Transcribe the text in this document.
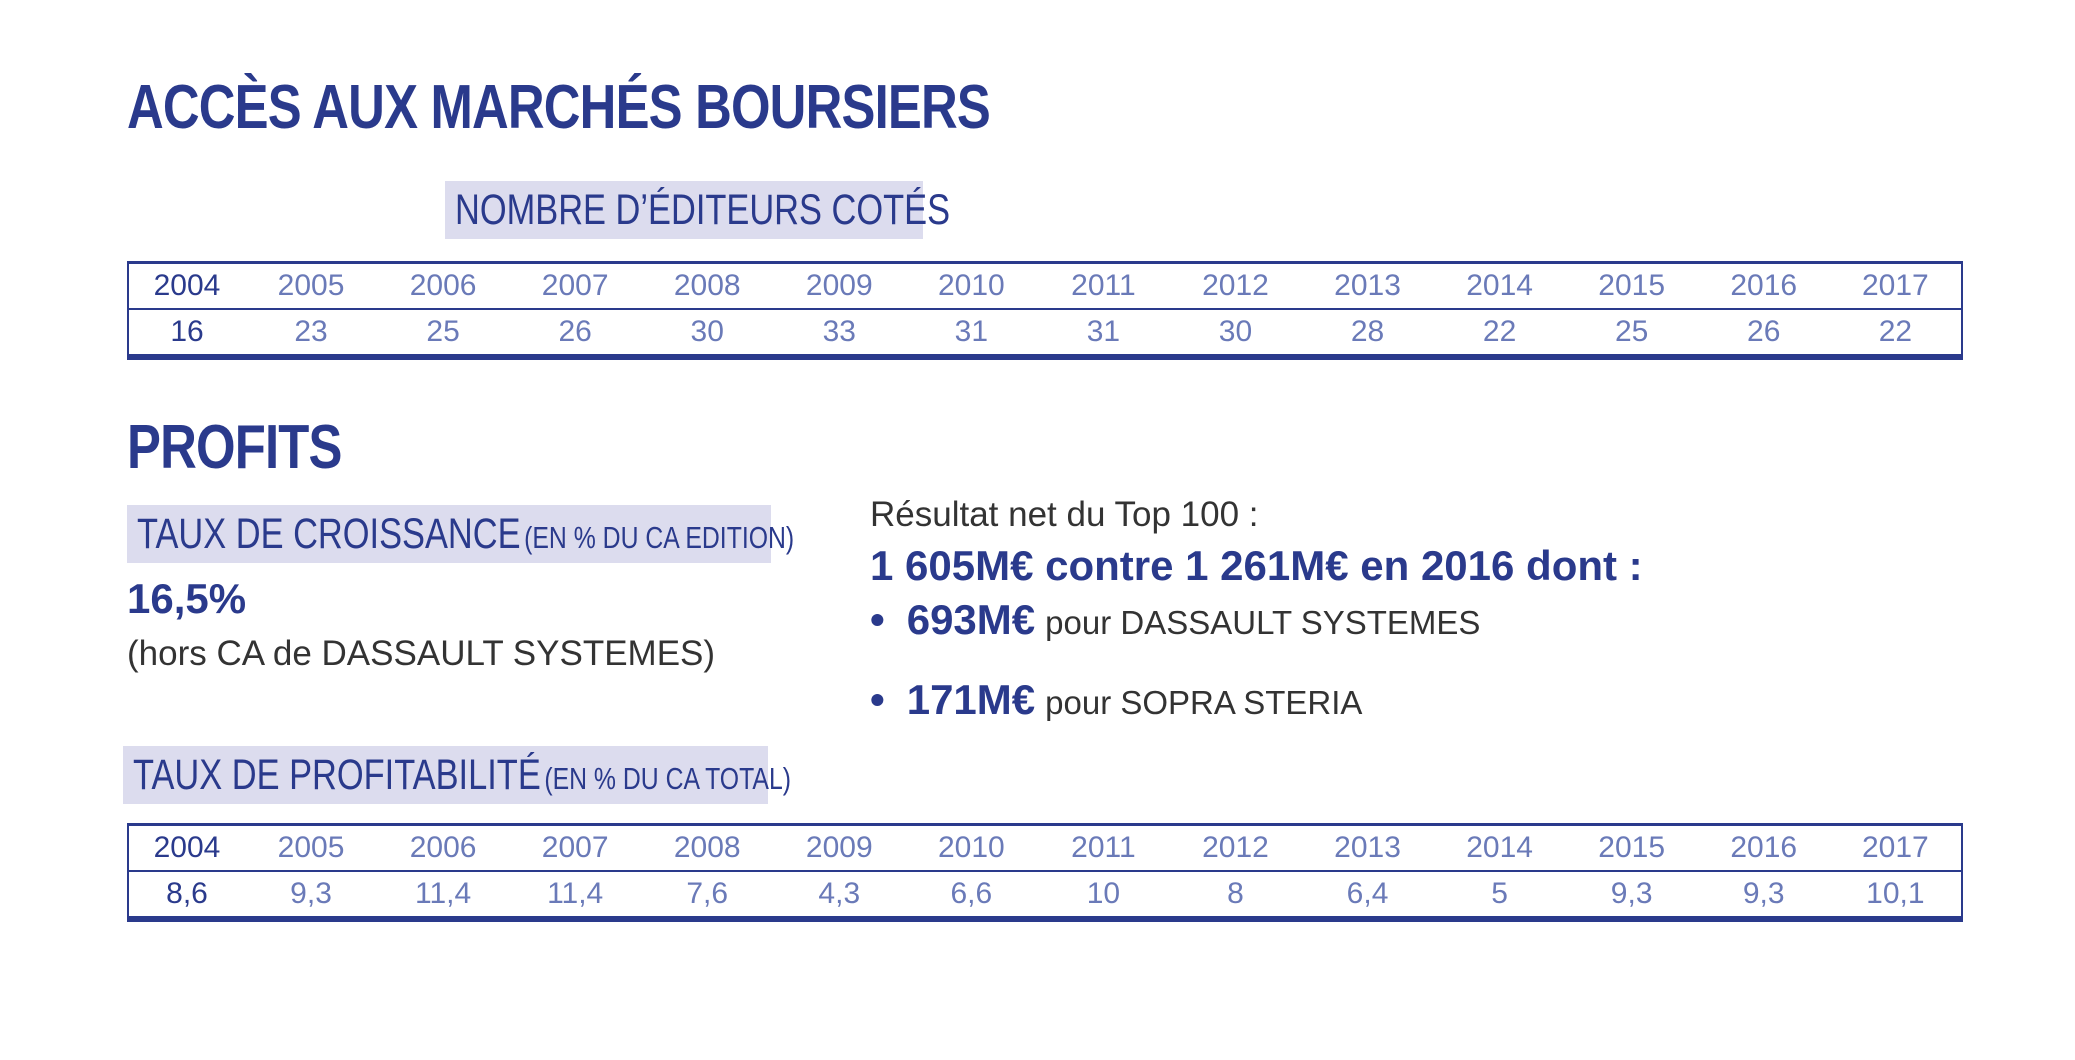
ACCÈS AUX MARCHÉS BOURSIERS
NOMBRE D’ÉDITEURS COTÉS
2004	2005	2006	2007	2008	2009	2010	2011	2012	2013	2014	2015	2016	2017
16	23	25	26	30	33	31	31	30	28	22	25	26	22
PROFITS
TAUX DE CROISSANCE (EN % DU CA EDITION)
16,5%
(hors CA de DASSAULT SYSTEMES)
Résultat net du Top 100 :
1 605M€ contre 1 261M€ en 2016 dont :
• 693M€ pour DASSAULT SYSTEMES
• 171M€ pour SOPRA STERIA
TAUX DE PROFITABILITÉ (EN % DU CA TOTAL)
2004	2005	2006	2007	2008	2009	2010	2011	2012	2013	2014	2015	2016	2017
8,6	9,3	11,4	11,4	7,6	4,3	6,6	10	8	6,4	5	9,3	9,3	10,1
